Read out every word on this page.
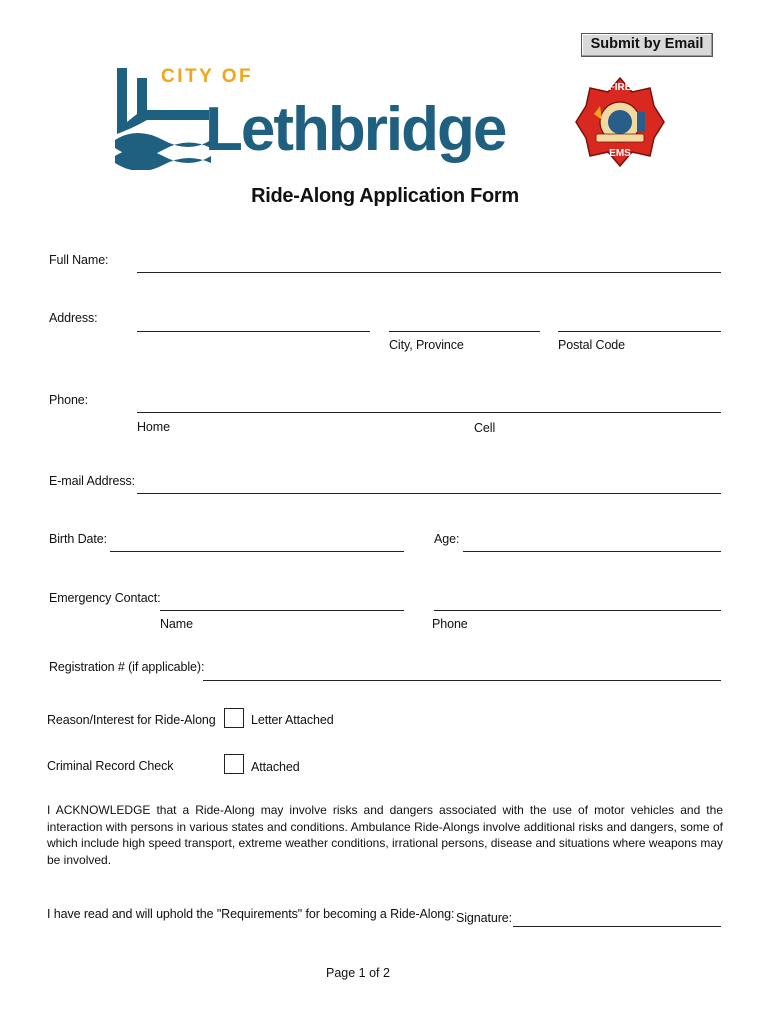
Submit by Email
CITY OF
Lethbridge
FIRE
EMS
Ride-Along Application Form
Full Name:
Address:
City, Province	Postal Code
Phone:
Home	Cell
E-mail Address:
Birth Date:	Age:
Emergency Contact:
Name	Phone
Registration # (if applicable):
Reason/Interest for Ride-Along	Letter Attached
Criminal Record Check	Attached
I ACKNOWLEDGE that a Ride-Along may involve risks and dangers associated with the use of motor vehicles and the interaction with persons in various states and conditions. Ambulance Ride-Alongs involve additional risks and dangers, some of which include high speed transport, extreme weather conditions, irrational persons, disease and situations where weapons may be involved.
I have read and will uphold the "Requirements" for becoming a Ride-Along: Signature:
Page 1 of 2
